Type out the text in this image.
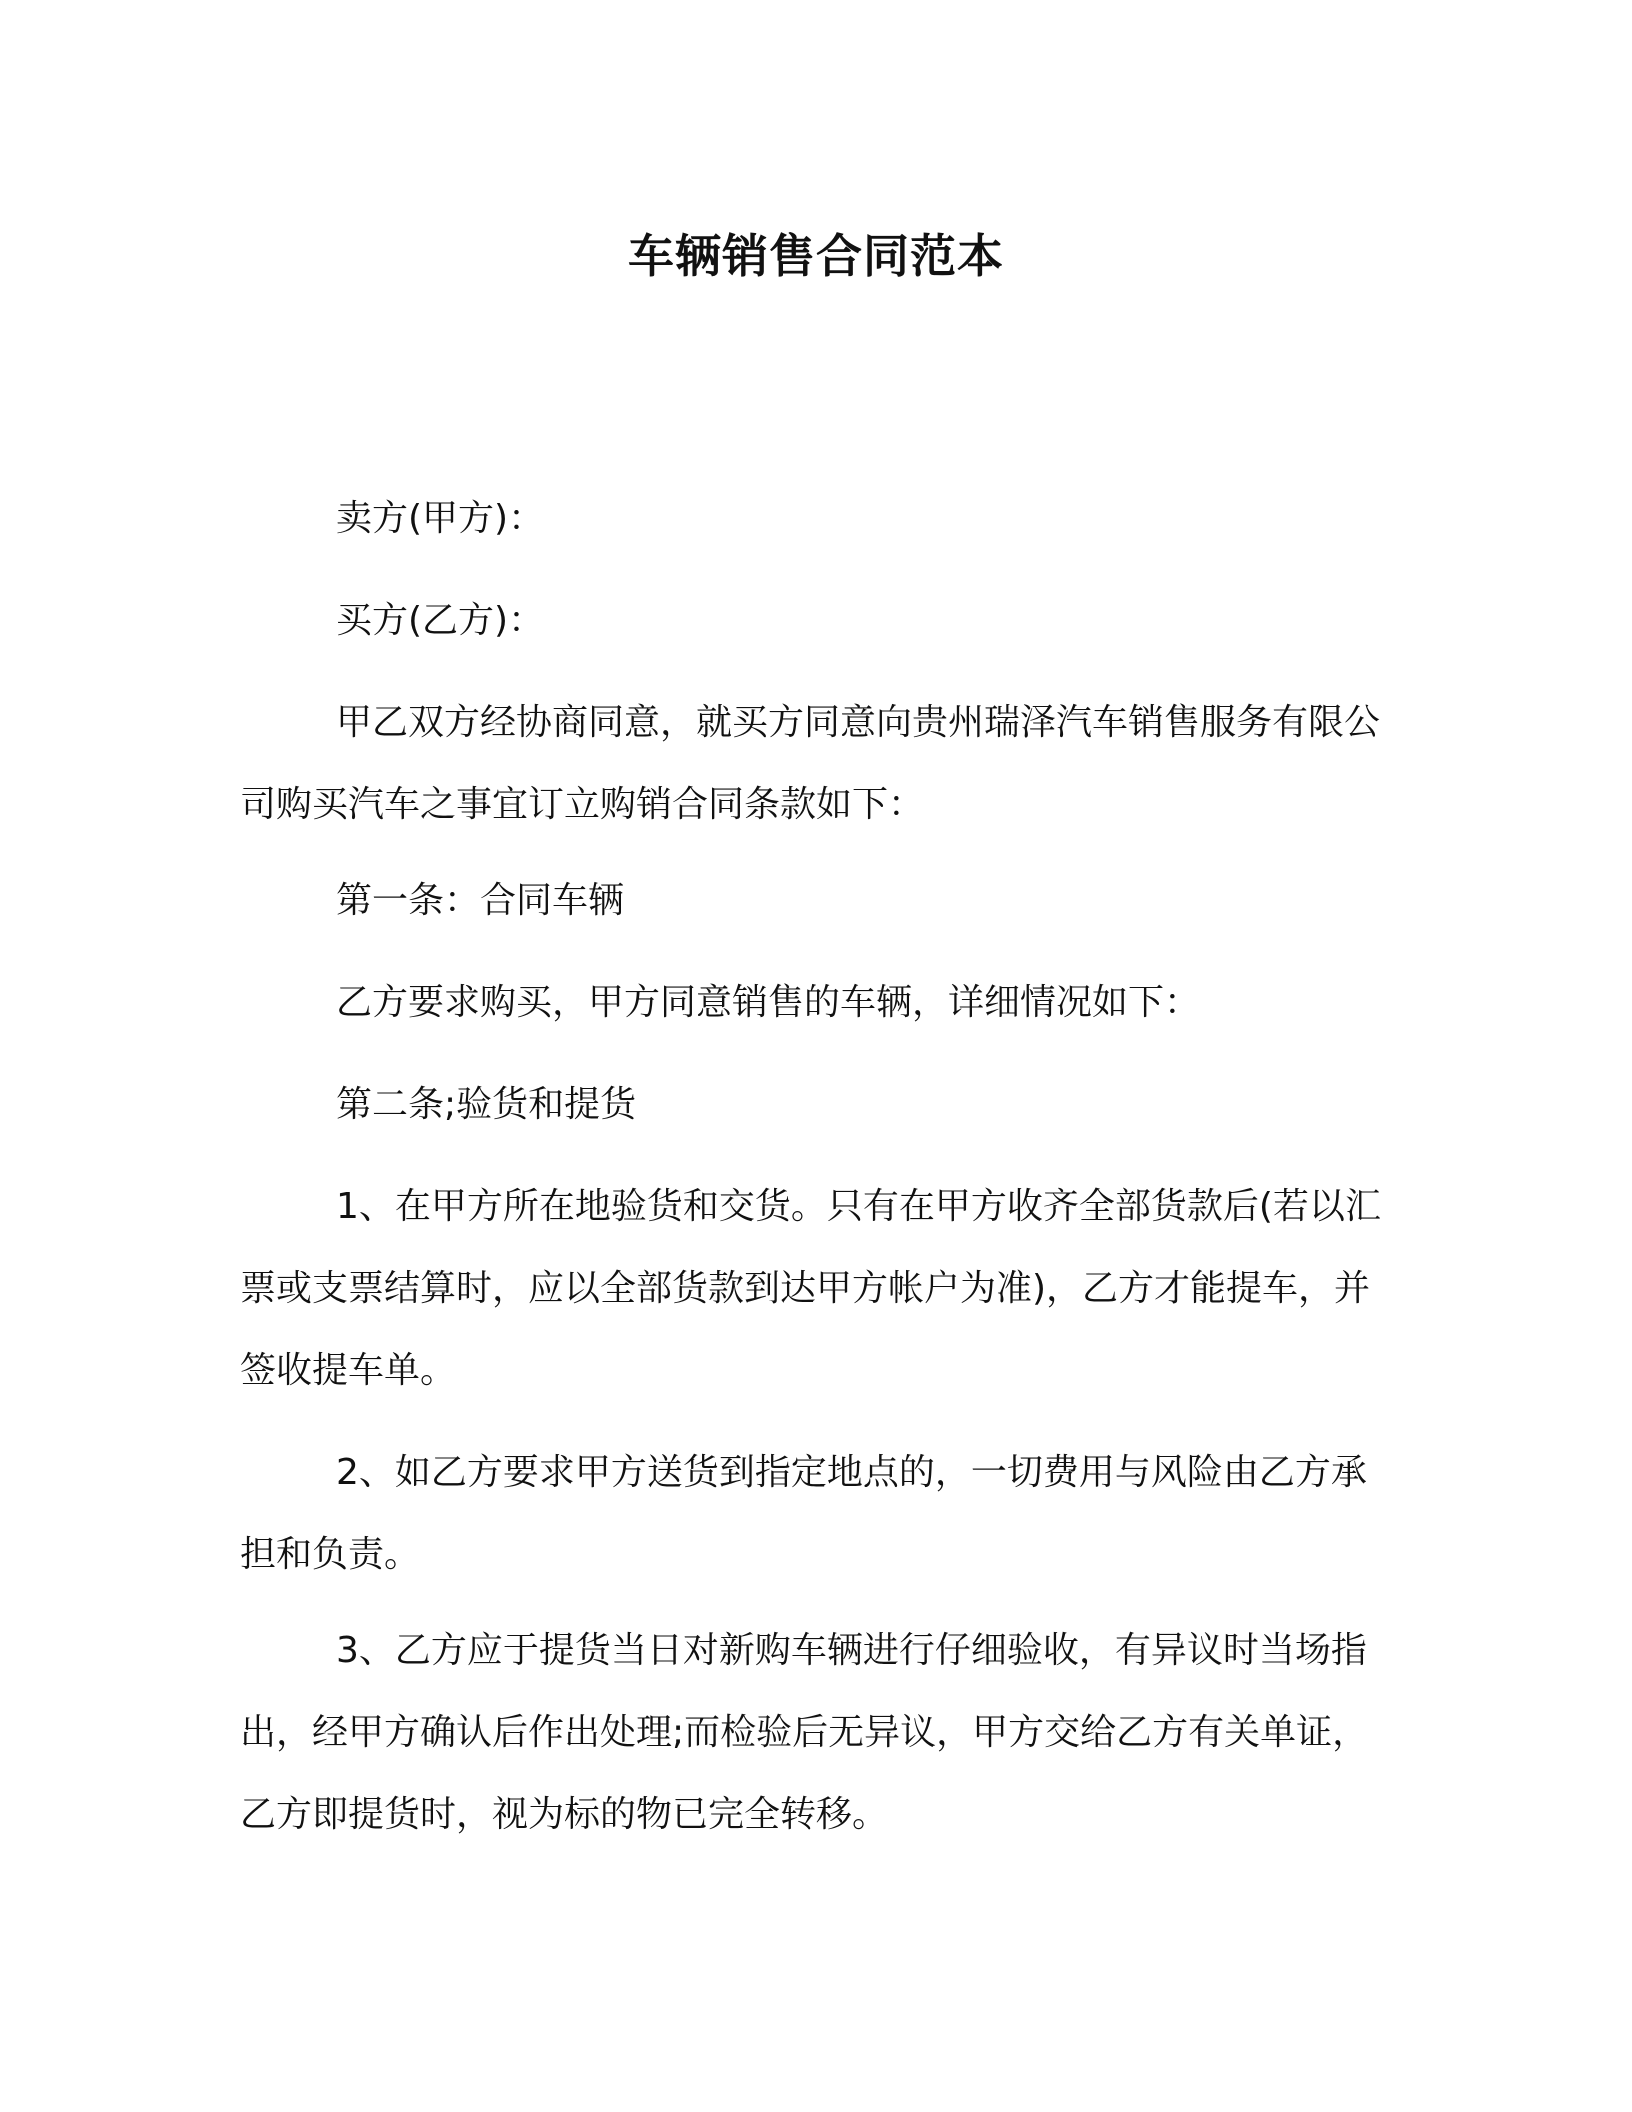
车辆销售合同范本

卖方(甲方)：

买方(乙方)：

甲乙双方经协商同意，就买方同意向贵州瑞泽汽车销售服务有限公司购买汽车之事宜订立购销合同条款如下：

第一条：合同车辆

乙方要求购买，甲方同意销售的车辆，详细情况如下：

第二条;验货和提货

1、在甲方所在地验货和交货。只有在甲方收齐全部货款后(若以汇票或支票结算时，应以全部货款到达甲方帐户为准)，乙方才能提车，并签收提车单。

2、如乙方要求甲方送货到指定地点的，一切费用与风险由乙方承担和负责。

3、乙方应于提货当日对新购车辆进行仔细验收，有异议时当场指出，经甲方确认后作出处理;而检验后无异议，甲方交给乙方有关单证，乙方即提货时，视为标的物已完全转移。
